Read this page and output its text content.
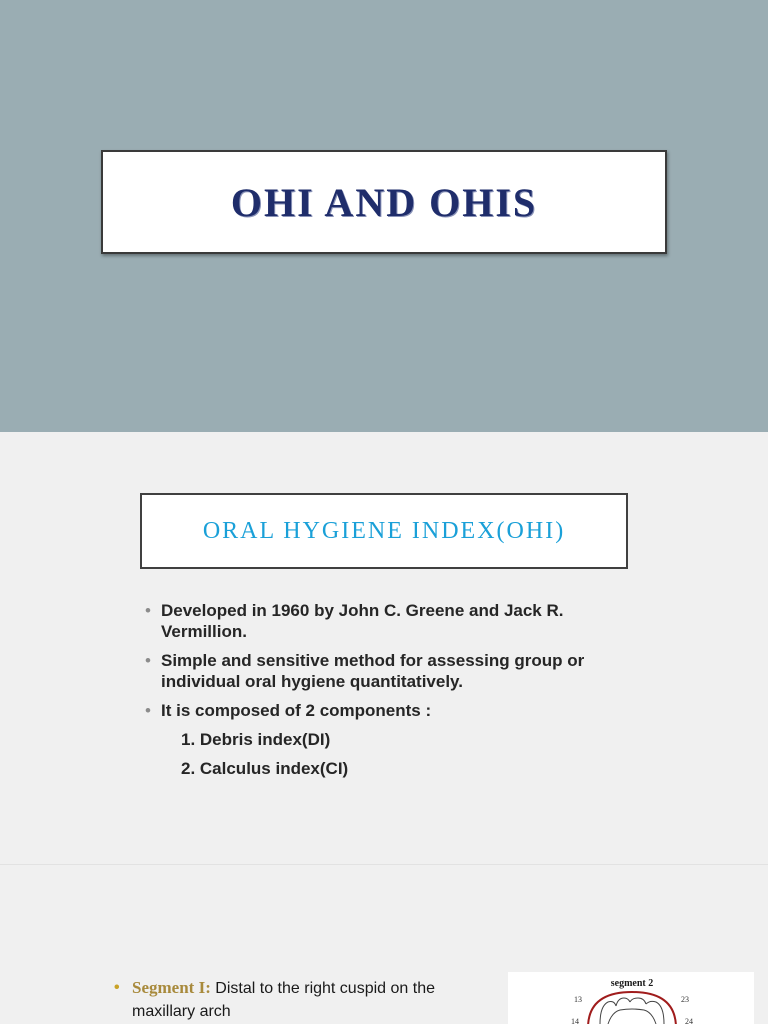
OHI AND OHIS
ORAL HYGIENE INDEX(OHI)
• Developed in 1960 by John C. Greene and Jack R. Vermillion.
• Simple and sensitive method for assessing group or individual oral hygiene quantitatively.
• It is composed of 2 components :
1. Debris index(DI)
2. Calculus index(CI)
• Segment I: Distal to the right cuspid on the maxillary arch
segment 2
13	23
14	24
